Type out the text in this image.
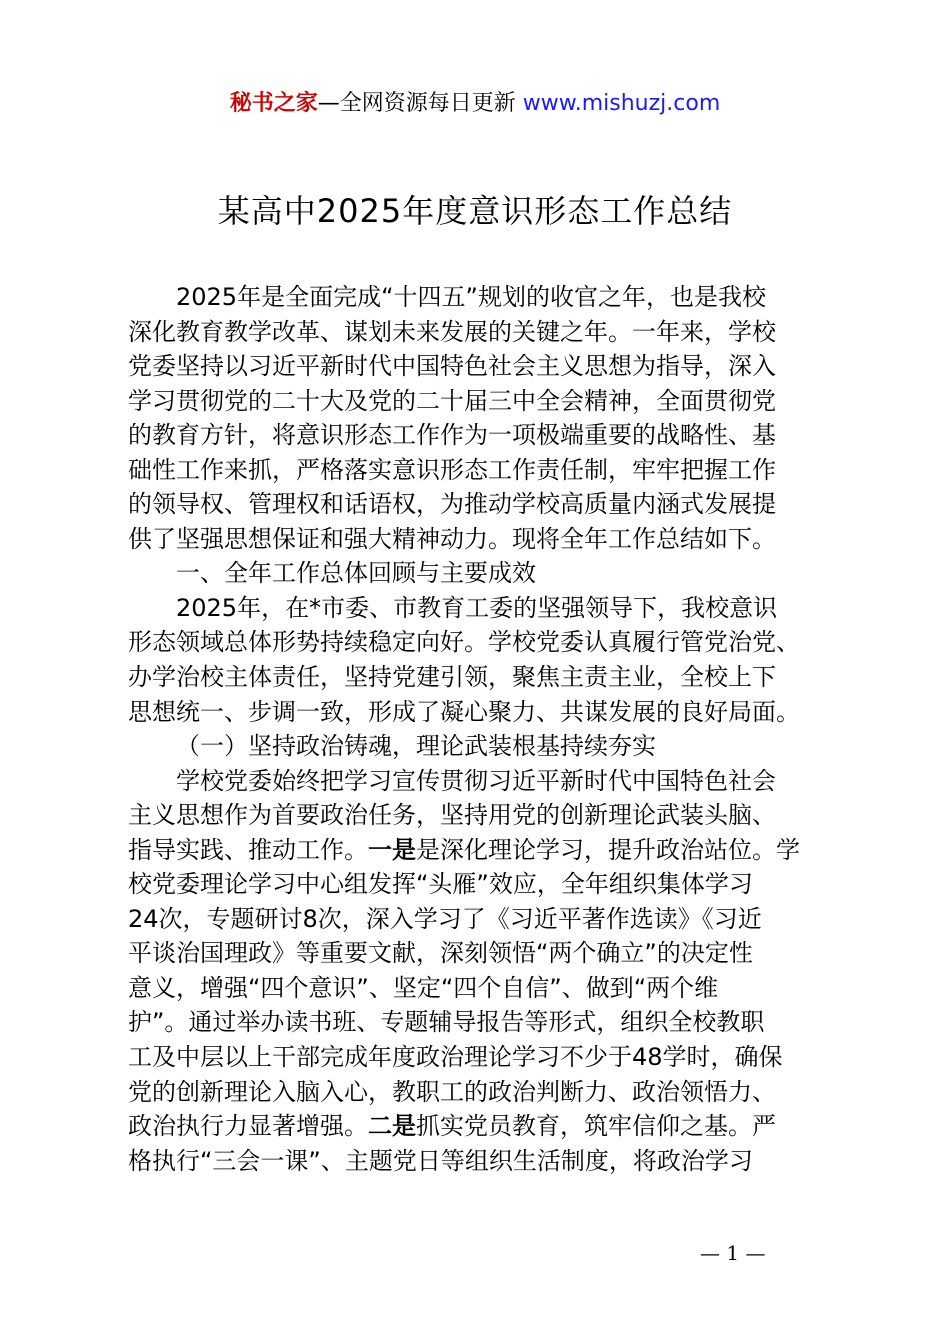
秘书之家—全网资源每日更新 www.mishuzj.com
某高中2025年度意识形态工作总结
2025年是全面完成“十四五”规划的收官之年，也是我校
深化教育教学改革、谋划未来发展的关键之年。一年来，学校
党委坚持以习近平新时代中国特色社会主义思想为指导，深入
学习贯彻党的二十大及党的二十届三中全会精神，全面贯彻党
的教育方针，将意识形态工作作为一项极端重要的战略性、基
础性工作来抓，严格落实意识形态工作责任制，牢牢把握工作
的领导权、管理权和话语权，为推动学校高质量内涵式发展提
供了坚强思想保证和强大精神动力。现将全年工作总结如下。
一、全年工作总体回顾与主要成效
2025年，在*市委、市教育工委的坚强领导下，我校意识
形态领域总体形势持续稳定向好。学校党委认真履行管党治党、
办学治校主体责任，坚持党建引领，聚焦主责主业，全校上下
思想统一、步调一致，形成了凝心聚力、共谋发展的良好局面。
（一）坚持政治铸魂，理论武装根基持续夯实
学校党委始终把学习宣传贯彻习近平新时代中国特色社会
主义思想作为首要政治任务，坚持用党的创新理论武装头脑、
指导实践、推动工作。一是是深化理论学习，提升政治站位。学
校党委理论学习中心组发挥“头雁”效应，全年组织集体学习
24次，专题研讨8次，深入学习了《习近平著作选读》《习近
平谈治国理政》等重要文献，深刻领悟“两个确立”的决定性
意义，增强“四个意识”、坚定“四个自信”、做到“两个维
护”。通过举办读书班、专题辅导报告等形式，组织全校教职
工及中层以上干部完成年度政治理论学习不少于48学时，确保
党的创新理论入脑入心，教职工的政治判断力、政治领悟力、
政治执行力显著增强。二是抓实党员教育，筑牢信仰之基。严
格执行“三会一课”、主题党日等组织生活制度，将政治学习
— 1 —
